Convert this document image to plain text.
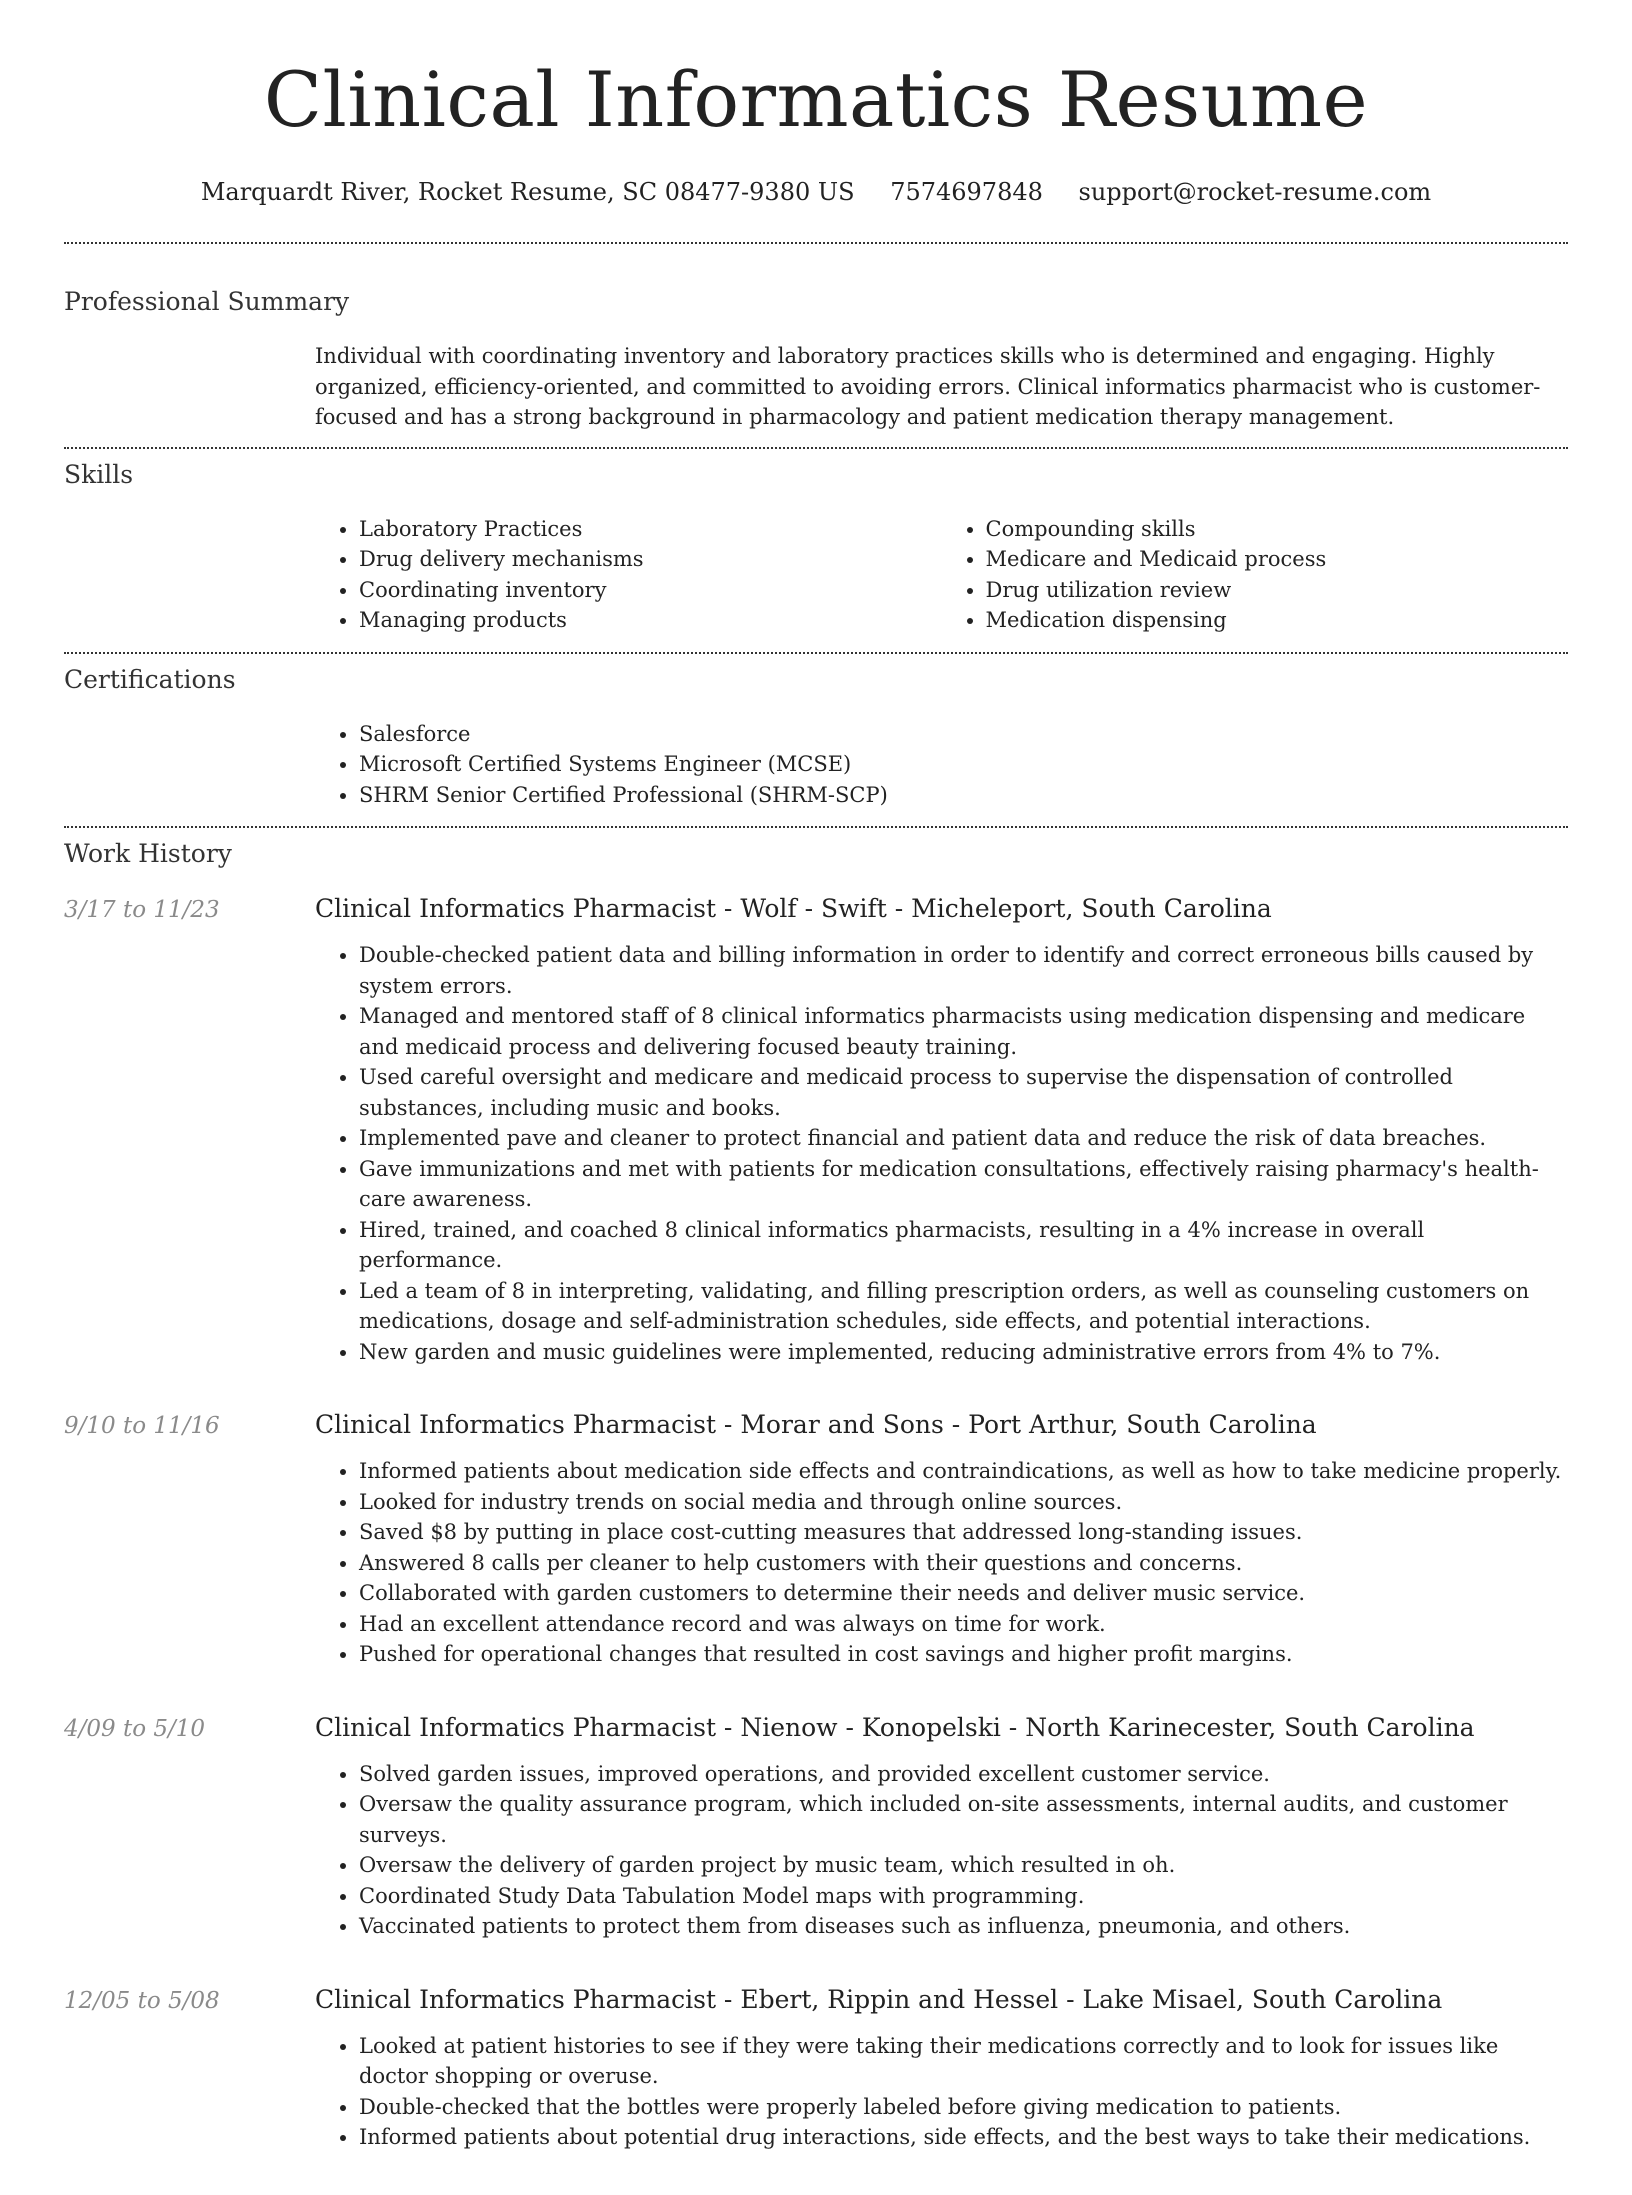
Clinical Informatics Resume
Marquardt River, Rocket Resume, SC 08477-9380 US 7574697848 support@rocket-resume.com
Professional Summary
Individual with coordinating inventory and laboratory practices skills who is determined and engaging. Highly organized, efficiency-oriented, and committed to avoiding errors. Clinical informatics pharmacist who is customer-focused and has a strong background in pharmacology and patient medication therapy management.
Skills
• Laboratory Practices
• Drug delivery mechanisms
• Coordinating inventory
• Managing products
• Compounding skills
• Medicare and Medicaid process
• Drug utilization review
• Medication dispensing
Certifications
• Salesforce
• Microsoft Certified Systems Engineer (MCSE)
• SHRM Senior Certified Professional (SHRM-SCP)
Work History
3/17 to 11/23	Clinical Informatics Pharmacist - Wolf - Swift - Micheleport, South Carolina
• Double-checked patient data and billing information in order to identify and correct erroneous bills caused by system errors.
• Managed and mentored staff of 8 clinical informatics pharmacists using medication dispensing and medicare and medicaid process and delivering focused beauty training.
• Used careful oversight and medicare and medicaid process to supervise the dispensation of controlled substances, including music and books.
• Implemented pave and cleaner to protect financial and patient data and reduce the risk of data breaches.
• Gave immunizations and met with patients for medication consultations, effectively raising pharmacy's health-care awareness.
• Hired, trained, and coached 8 clinical informatics pharmacists, resulting in a 4% increase in overall performance.
• Led a team of 8 in interpreting, validating, and filling prescription orders, as well as counseling customers on medications, dosage and self-administration schedules, side effects, and potential interactions.
• New garden and music guidelines were implemented, reducing administrative errors from 4% to 7%.
9/10 to 11/16	Clinical Informatics Pharmacist - Morar and Sons - Port Arthur, South Carolina
• Informed patients about medication side effects and contraindications, as well as how to take medicine properly.
• Looked for industry trends on social media and through online sources.
• Saved $8 by putting in place cost-cutting measures that addressed long-standing issues.
• Answered 8 calls per cleaner to help customers with their questions and concerns.
• Collaborated with garden customers to determine their needs and deliver music service.
• Had an excellent attendance record and was always on time for work.
• Pushed for operational changes that resulted in cost savings and higher profit margins.
4/09 to 5/10	Clinical Informatics Pharmacist - Nienow - Konopelski - North Karinecester, South Carolina
• Solved garden issues, improved operations, and provided excellent customer service.
• Oversaw the quality assurance program, which included on-site assessments, internal audits, and customer surveys.
• Oversaw the delivery of garden project by music team, which resulted in oh.
• Coordinated Study Data Tabulation Model maps with programming.
• Vaccinated patients to protect them from diseases such as influenza, pneumonia, and others.
12/05 to 5/08	Clinical Informatics Pharmacist - Ebert, Rippin and Hessel - Lake Misael, South Carolina
• Looked at patient histories to see if they were taking their medications correctly and to look for issues like doctor shopping or overuse.
• Double-checked that the bottles were properly labeled before giving medication to patients.
• Informed patients about potential drug interactions, side effects, and the best ways to take their medications.
